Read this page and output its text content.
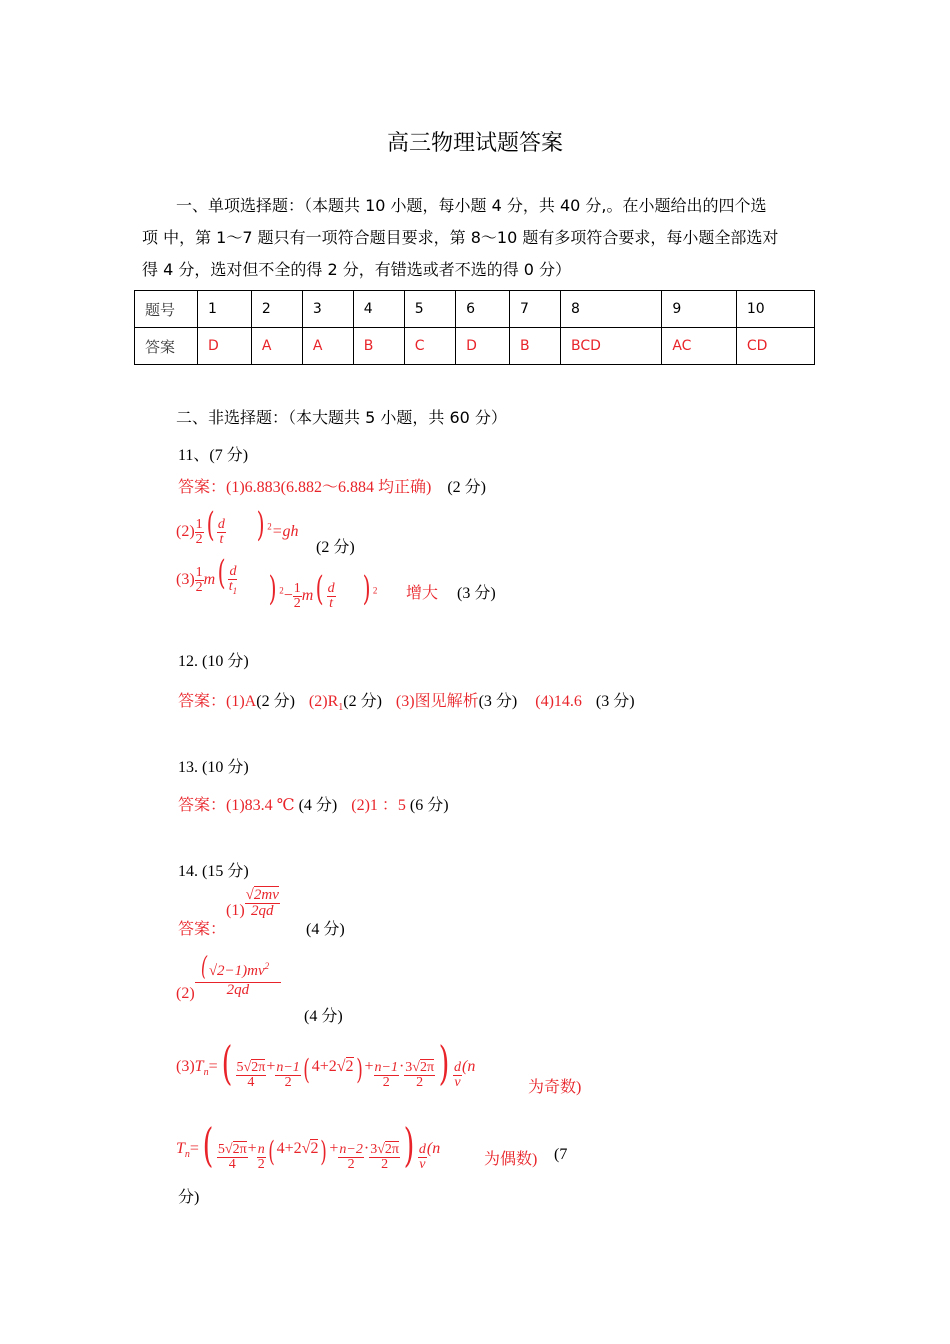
高三物理试题答案
一、单项选择题：（本题共 10 小题，每小题 4 分，共 40 分,。在小题给出的四个选
项 中，第 1～7 题只有一项符合题目要求，第 8～10 题有多项符合要求，每小题全部选对
得 4 分，选对但不全的得 2 分，有错选或者不选的得 0 分）
题号	1	2	3	4	5	6	7	8	9	10
答案	D	A	A	B	C	D	B	BCD	AC	CD
二、非选择题：（本大题共 5 小题，共 60 分）
11、(7 分)
答案：(1)6.883(6.882～6.884 均正确) (2 分)
$(2) \frac{1}{2}$ ( $\frac{d}{t}$ ) $^2$=gh
(2 分)
$(3) \frac{1}{2} m( \frac{d}{t_1}$ ) $^2- \frac{1}{2} m( \frac{d}{t}$ ) $^2$ 增大 (3 分)
12. (10 分)
答案：(1)A(2 分) $(2)R_1(2$ 分) (3)图见解析(3 分) (4)14.6 (3 分)
13. (10 分)
答案：(1)83.4 ℃ (4 分) (2)1 ：5 (6 分)
14. (15 分)
答案：
$(1) \frac{√2mv}{2qd}$
(4 分)
$(2) \frac{( √2-1)mv^2}{2qd}$
(4 分)
$(3)T_n=( \frac{5√2\pi}{4} + \frac{n-1}{2}$ ( $4+2√2) + \frac{n-1}{2} \cdot \frac{3√2\pi}{2}$ ) $\frac{d}{v} (n$
为奇数)
$T_n=( \frac{5√2\pi}{4} + \frac{n}{2}$ ( $4+2√2) + \frac{n-2}{2} \cdot \frac{3√2\pi}{2}$ ) $\frac{d}{v} (n$
为偶数) (7
分)
